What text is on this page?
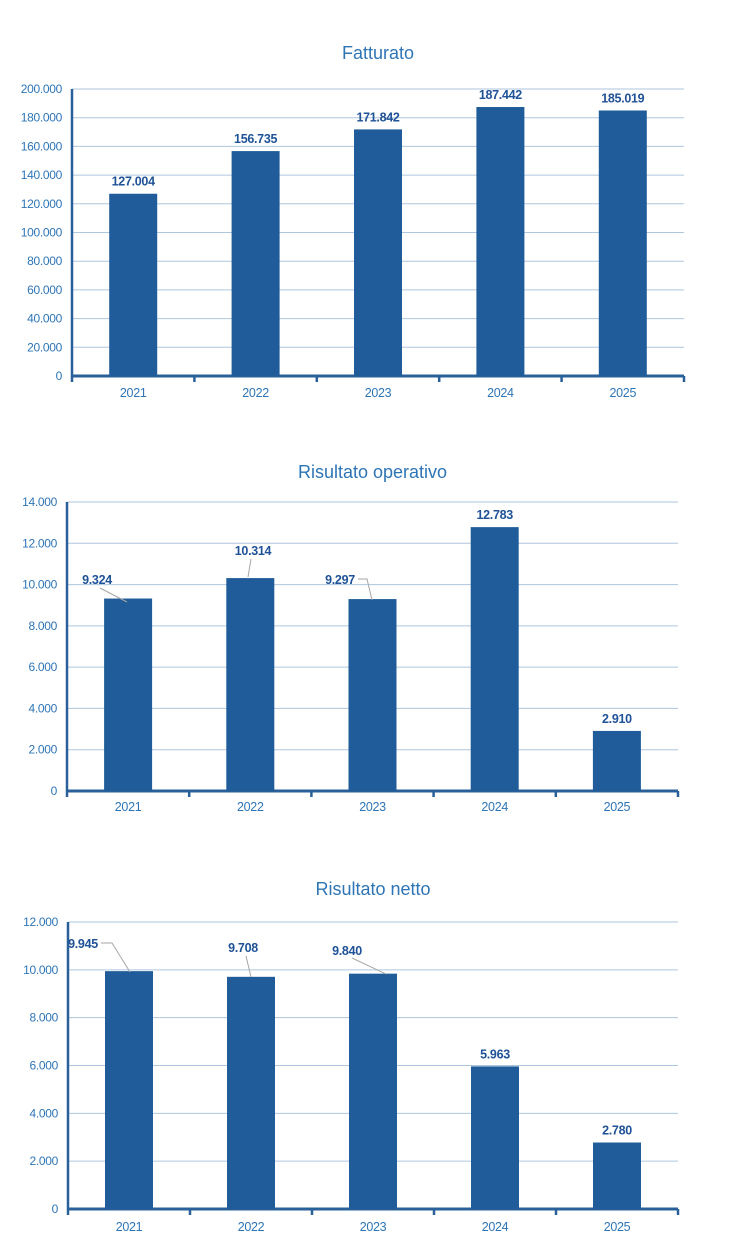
Fatturato
0
20.000
40.000
60.000
80.000
100.000
120.000
140.000
160.000
180.000
200.000
127.004
2021
156.735
2022
171.842
2023
187.442
2024
185.019
2025
Risultato operativo
0
2.000
4.000
6.000
8.000
10.000
12.000
14.000
9.324
2021
10.314
2022
9.297
2023
12.783
2024
2.910
2025
Risultato netto
0
2.000
4.000
6.000
8.000
10.000
12.000
9.945
2021
9.708
2022
9.840
2023
5.963
2024
2.780
2025
